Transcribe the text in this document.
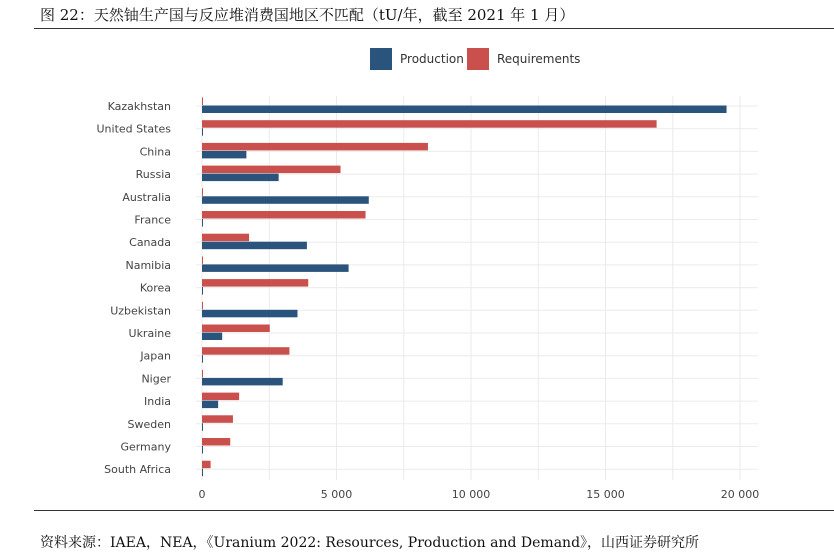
图 22：天然铀生产国与反应堆消费国地区不匹配（tU/年，截至 2021 年 1 月）
Production	Requirements
Kazakhstan
United States
China
Russia
Australia
France
Canada
Namibia
Korea
Uzbekistan
Ukraine
Japan
Niger
India
Sweden
Germany
South Africa
0	5 000	10 000	15 000	20 000
资料来源：IAEA，NEA，《Uranium 2022: Resources, Production and Demand》，山西证券研究所
